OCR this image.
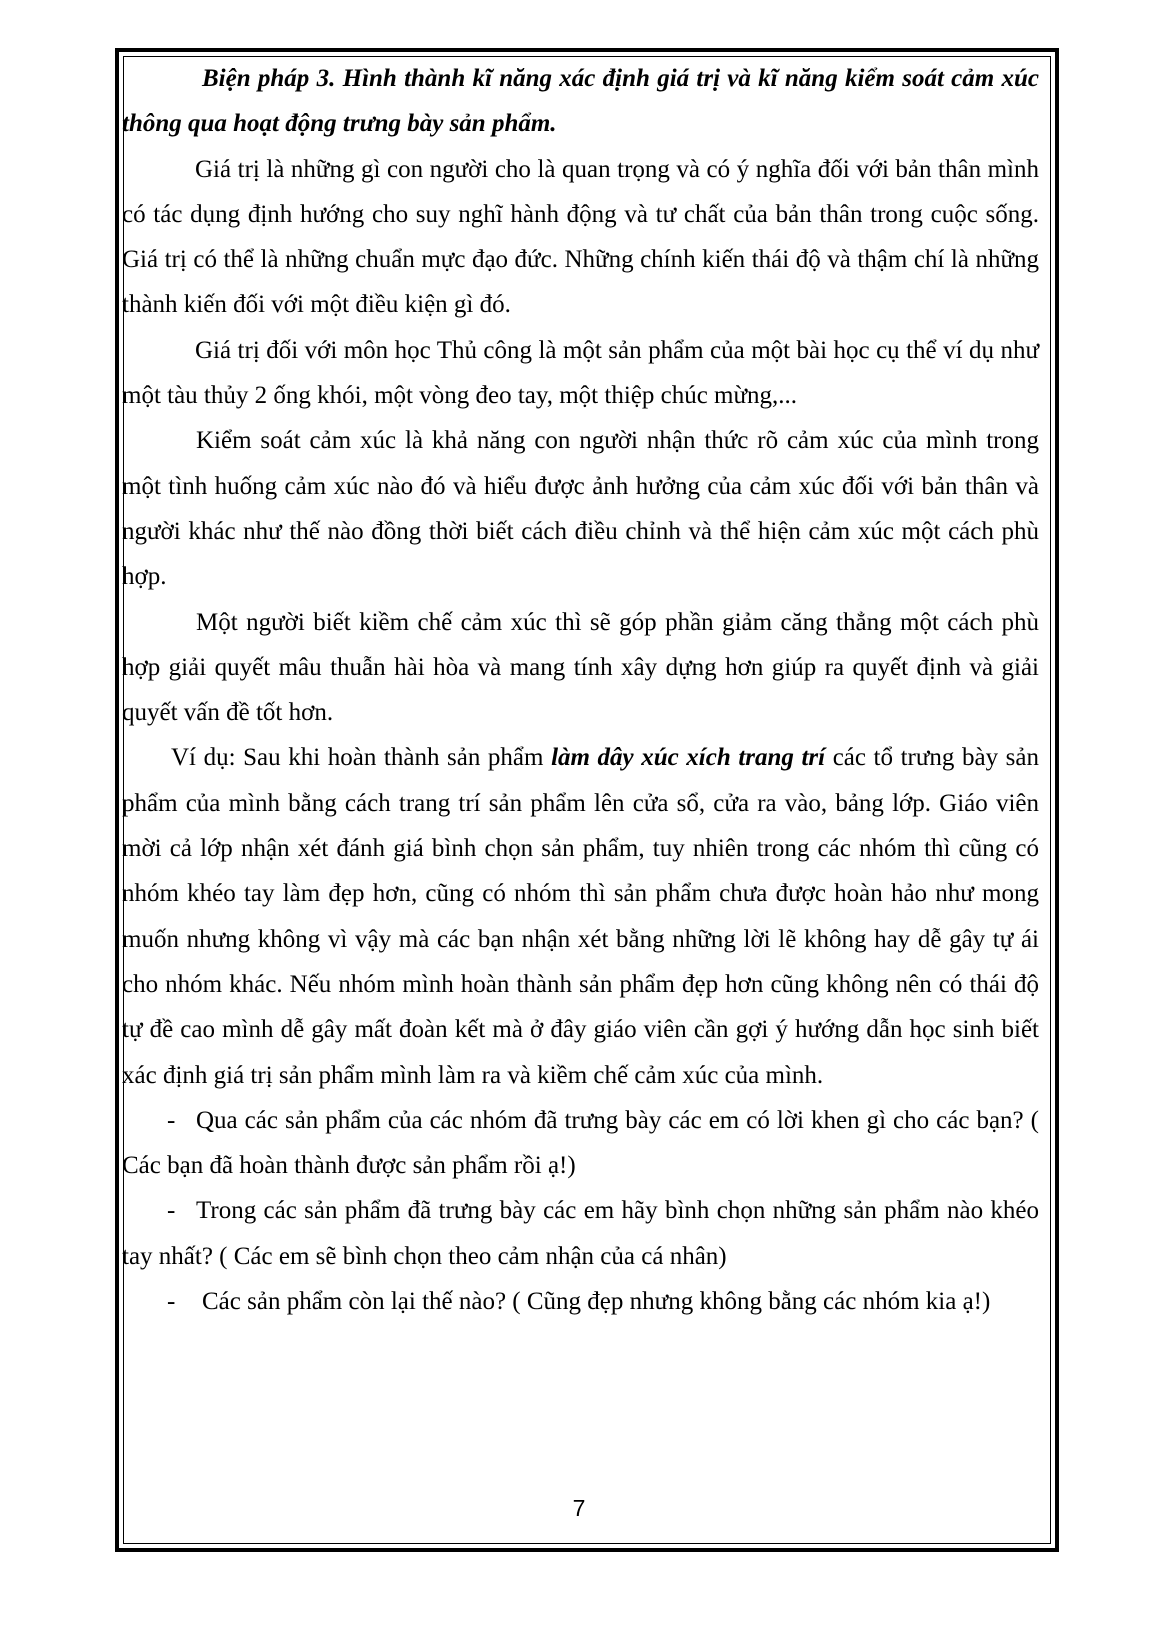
Biện pháp 3. Hình thành kĩ năng xác định giá trị và kĩ năng kiểm soát cảm xúc thông qua hoạt động trưng bày sản phẩm.

Giá trị là những gì con người cho là quan trọng và có ý nghĩa đối với bản thân mình có tác dụng định hướng cho suy nghĩ hành động và tư chất của bản thân trong cuộc sống. Giá trị có thể là những chuẩn mực đạo đức. Những chính kiến thái độ và thậm chí là những thành kiến đối với một điều kiện gì đó.

Giá trị đối với môn học Thủ công là một sản phẩm của một bài học cụ thể ví dụ như một tàu thủy 2 ống khói, một vòng đeo tay, một thiệp chúc mừng,...

Kiểm soát cảm xúc là khả năng con người nhận thức rõ cảm xúc của mình trong một tình huống cảm xúc nào đó và hiểu được ảnh hưởng của cảm xúc đối với bản thân và người khác như thế nào đồng thời biết cách điều chỉnh và thể hiện cảm xúc một cách phù hợp.

Một người biết kiềm chế cảm xúc thì sẽ góp phần giảm căng thẳng một cách phù hợp giải quyết mâu thuẫn hài hòa và mang tính xây dựng hơn giúp ra quyết định và giải quyết vấn đề tốt hơn.

Ví dụ: Sau khi hoàn thành sản phẩm làm dây xúc xích trang trí các tổ trưng bày sản phẩm của mình bằng cách trang trí sản phẩm lên cửa sổ, cửa ra vào, bảng lớp. Giáo viên mời cả lớp nhận xét đánh giá bình chọn sản phẩm, tuy nhiên trong các nhóm thì cũng có nhóm khéo tay làm đẹp hơn, cũng có nhóm thì sản phẩm chưa được hoàn hảo như mong muốn nhưng không vì vậy mà các bạn nhận xét bằng những lời lẽ không hay dễ gây tự ái cho nhóm khác. Nếu nhóm mình hoàn thành sản phẩm đẹp hơn cũng không nên có thái độ tự đề cao mình dễ gây mất đoàn kết mà ở đây giáo viên cần gợi ý hướng dẫn học sinh biết xác định giá trị sản phẩm mình làm ra và kiềm chế cảm xúc của mình.

- Qua các sản phẩm của các nhóm đã trưng bày các em có lời khen gì cho các bạn? ( Các bạn đã hoàn thành được sản phẩm rồi ạ!)

- Trong các sản phẩm đã trưng bày các em hãy bình chọn những sản phẩm nào khéo tay nhất? ( Các em sẽ bình chọn theo cảm nhận của cá nhân)

- Các sản phẩm còn lại thế nào? ( Cũng đẹp nhưng không bằng các nhóm kia ạ!)

7
